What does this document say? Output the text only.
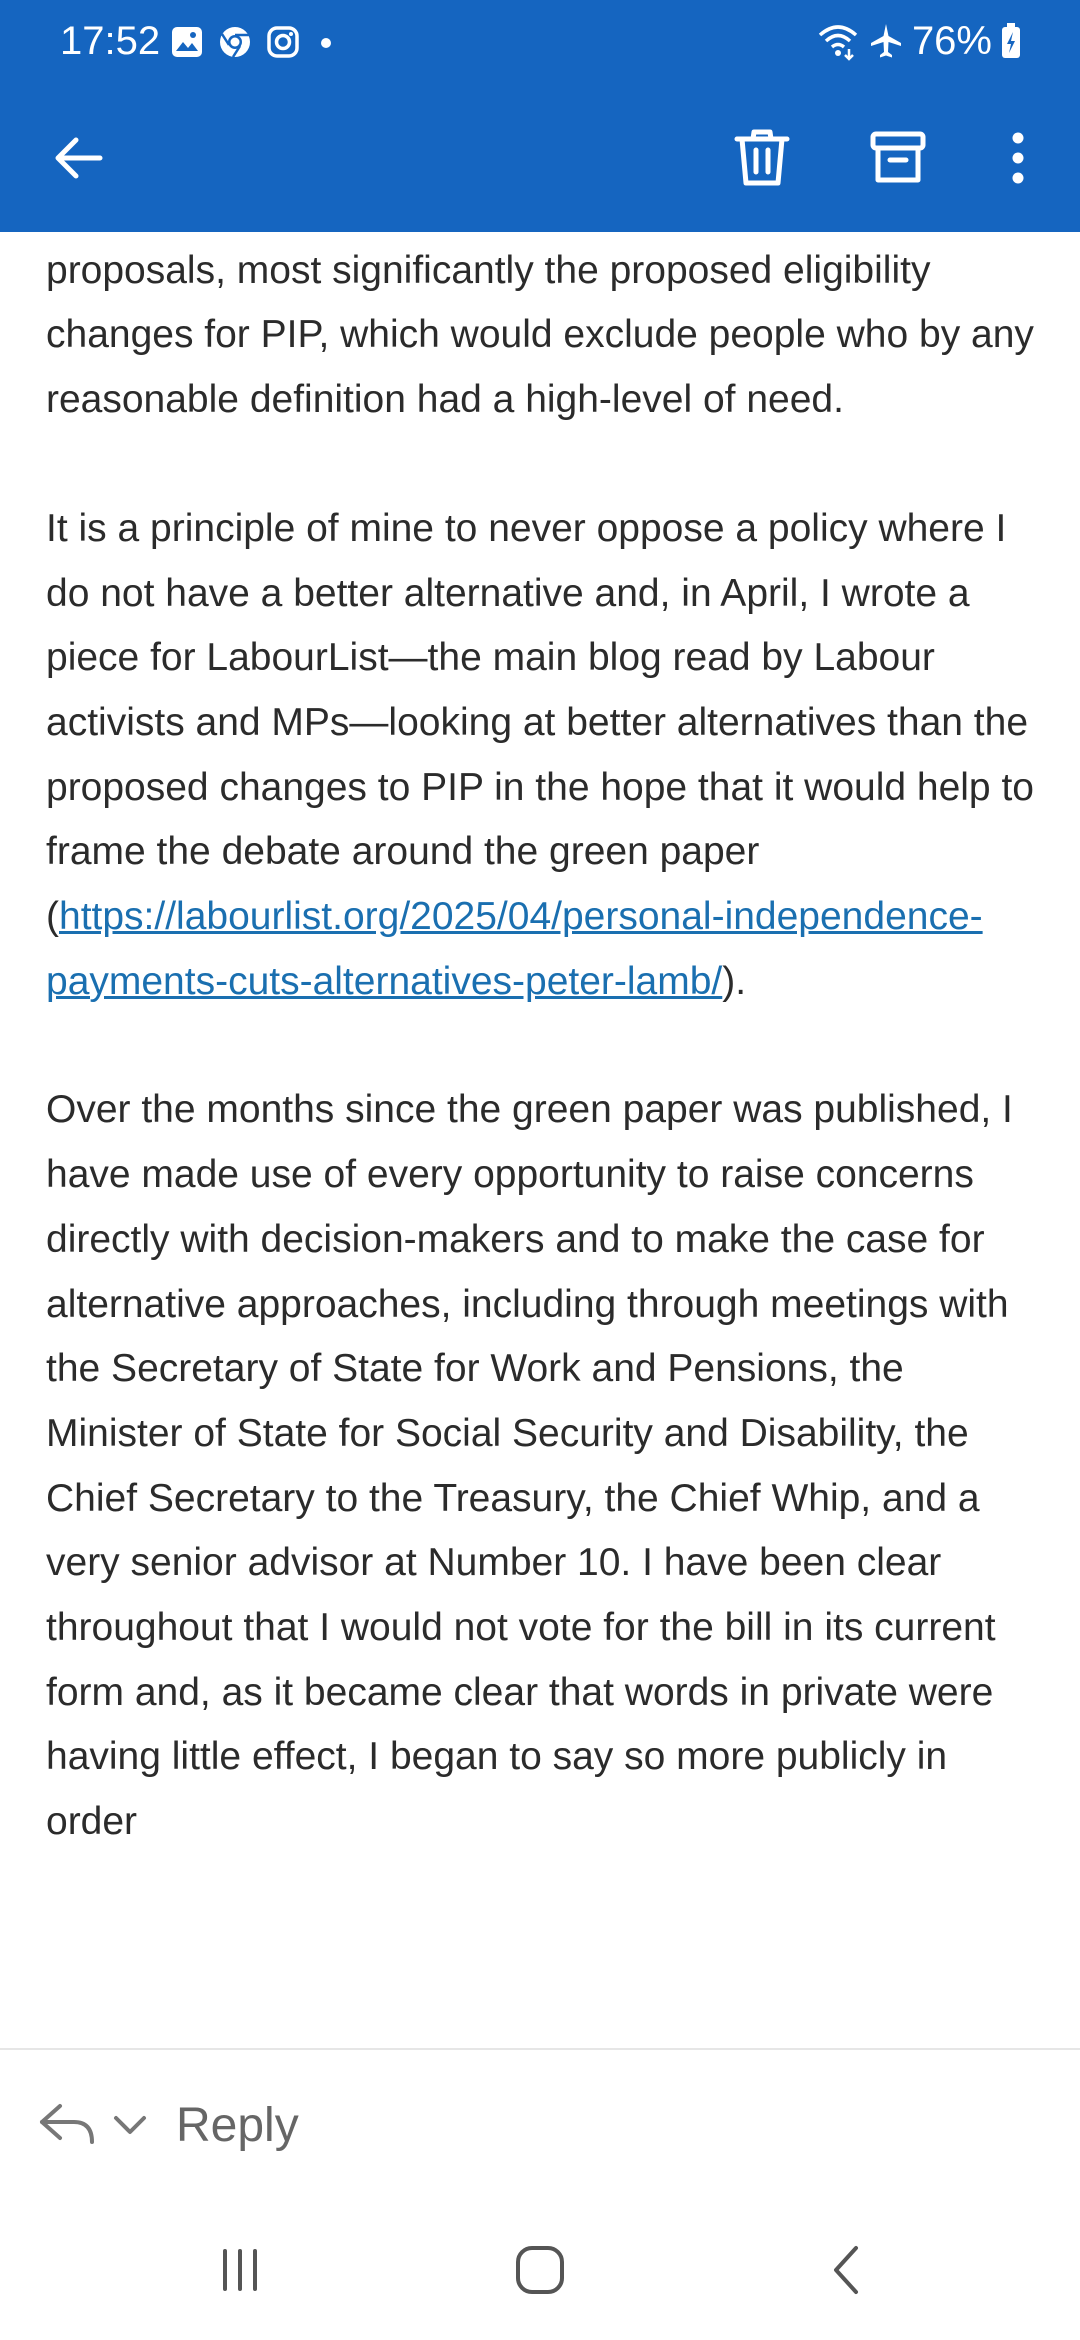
17:52	76%

proposals, most significantly the proposed eligibility changes for PIP, which would exclude people who by any reasonable definition had a high-level of need.

It is a principle of mine to never oppose a policy where I do not have a better alternative and, in April, I wrote a piece for LabourList—the main blog read by Labour activists and MPs—looking at better alternatives than the proposed changes to PIP in the hope that it would help to frame the debate around the green paper (https://labourlist.org/2025/04/personal-independence-payments-cuts-alternatives-peter-lamb/).

Over the months since the green paper was published, I have made use of every opportunity to raise concerns directly with decision-makers and to make the case for alternative approaches, including through meetings with the Secretary of State for Work and Pensions, the Minister of State for Social Security and Disability, the Chief Secretary to the Treasury, the Chief Whip, and a very senior advisor at Number 10. I have been clear throughout that I would not vote for the bill in its current form and, as it became clear that words in private were having little effect, I began to say so more publicly in order

Reply
